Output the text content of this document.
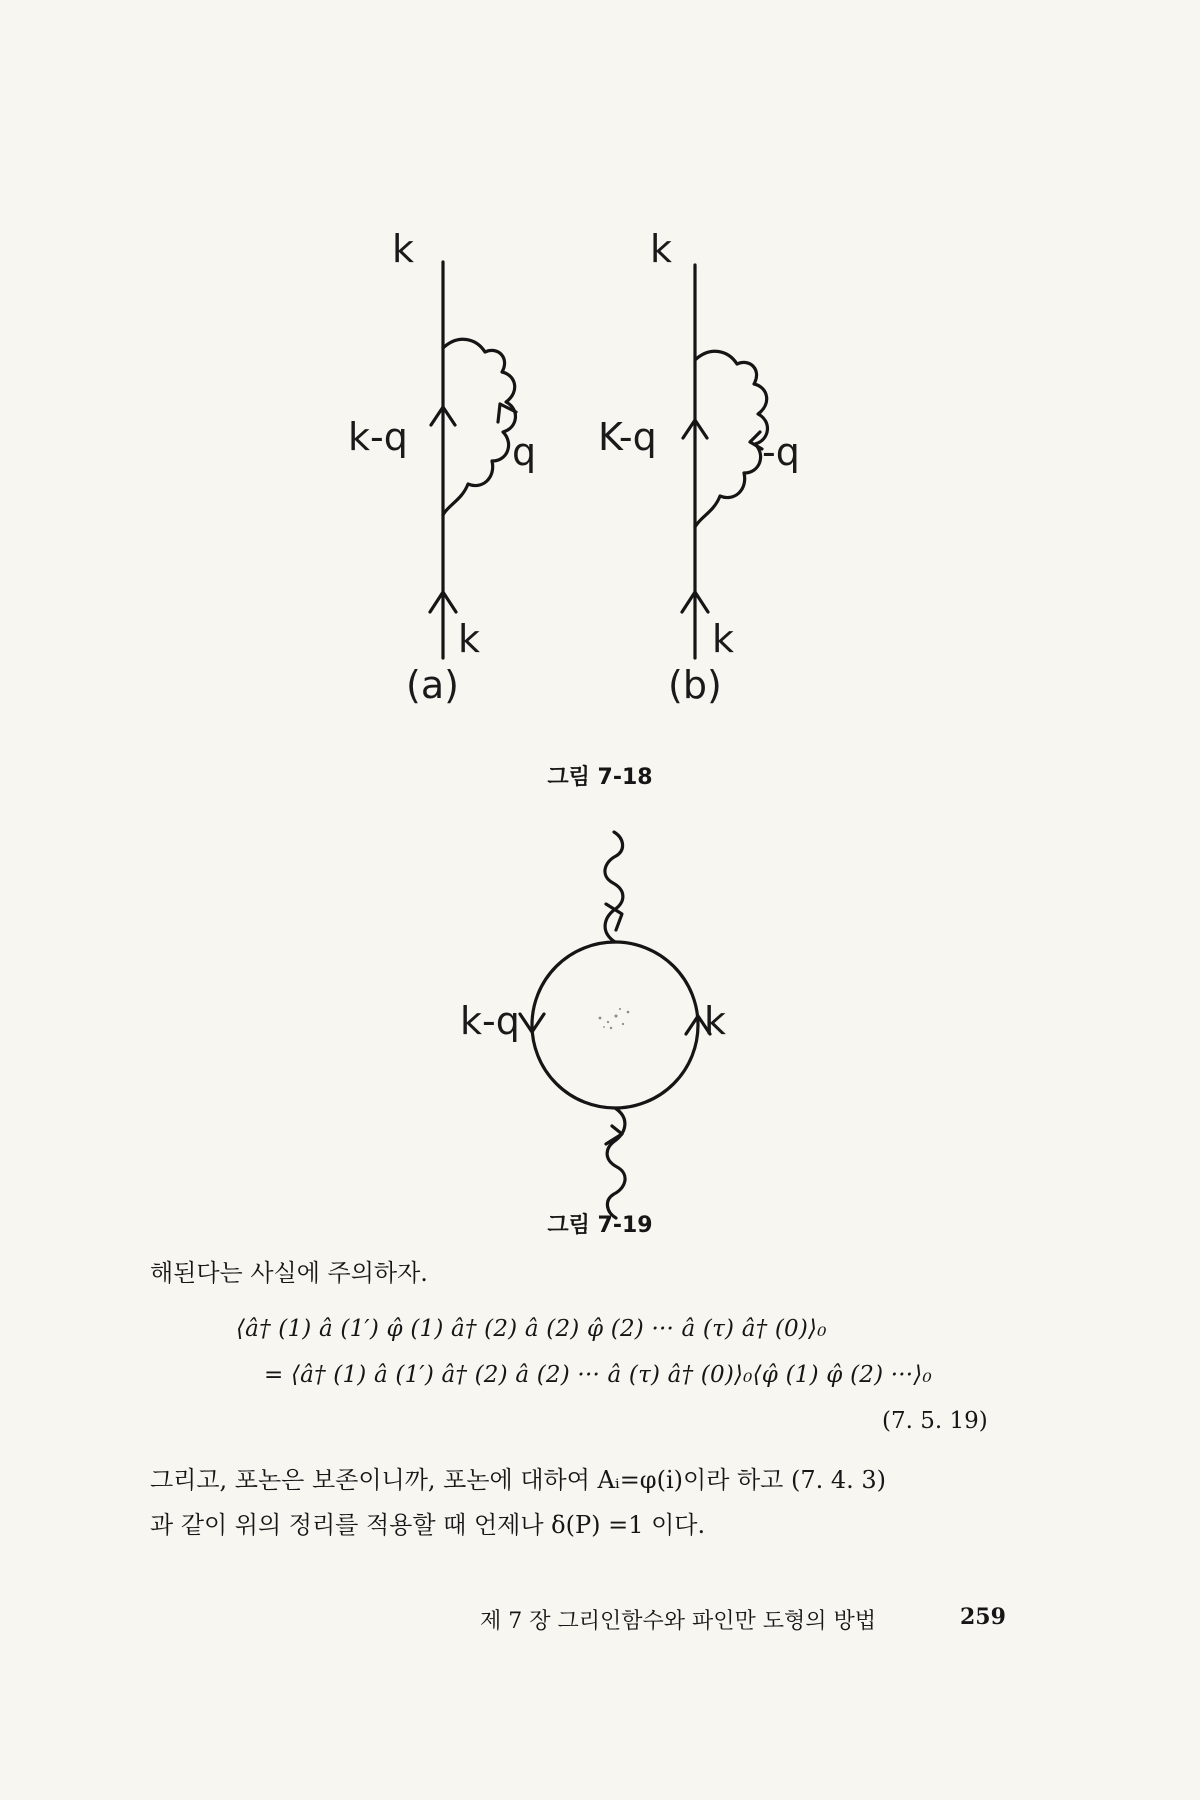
k
k-q	q
k
(a)
k
K-q	-q
k
(b)
k-q	k
그림 7-18
그림 7-19
해된다는 사실에 주의하자.
⟨â† (1) â (1′) φ̂ (1) â† (2) â (2) φ̂ (2) ··· â (τ) â† (0)⟩₀
= ⟨â† (1) â (1′) â† (2) â (2) ··· â (τ) â† (0)⟩₀⟨φ̂ (1) φ̂ (2) ···⟩₀
(7. 5. 19)
그리고, 포논은 보존이니까, 포논에 대하여 Aᵢ=φ(i)이라 하고 (7. 4. 3)
과 같이 위의 정리를 적용할 때 언제나 δ(P) =1 이다.
제 7 장 그리인함수와 파인만 도형의 방법	259
